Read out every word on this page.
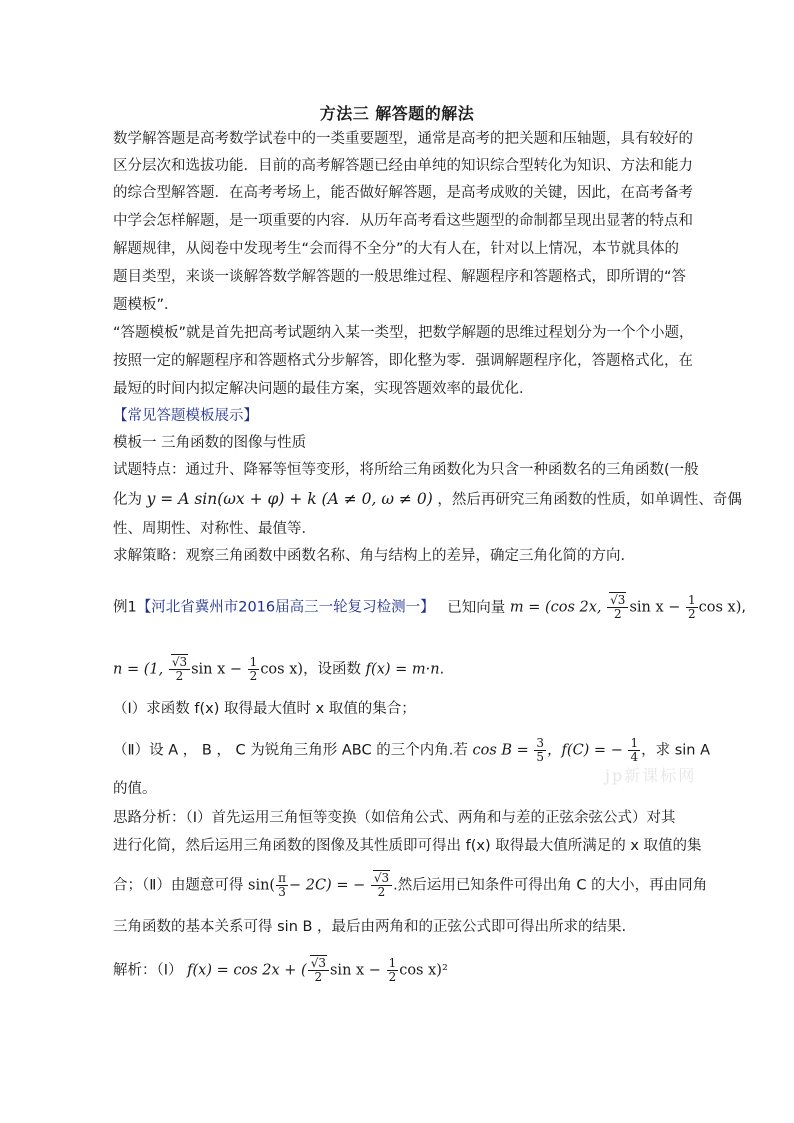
方法三 解答题的解法
数学解答题是高考数学试卷中的一类重要题型，通常是高考的把关题和压轴题，具有较好的
区分层次和选拔功能．目前的高考解答题已经由单纯的知识综合型转化为知识、方法和能力
的综合型解答题．在高考考场上，能否做好解答题，是高考成败的关键，因此，在高考备考
中学会怎样解题，是一项重要的内容．从历年高考看这些题型的命制都呈现出显著的特点和
解题规律，从阅卷中发现考生“会而得不全分”的大有人在，针对以上情况，本节就具体的
题目类型，来谈一谈解答数学解答题的一般思维过程、解题程序和答题格式，即所谓的“答
题模板”．
“答题模板”就是首先把高考试题纳入某一类型，把数学解题的思维过程划分为一个个小题，
按照一定的解题程序和答题格式分步解答，即化整为零．强调解题程序化，答题格式化，在
最短的时间内拟定解决问题的最佳方案，实现答题效率的最优化．
【常见答题模板展示】
模板一 三角函数的图像与性质
试题特点：通过升、降幂等恒等变形，将所给三角函数化为只含一种函数名的三角函数(一般
化为 y = A sin(ωx + φ) + k (A ≠ 0, ω ≠ 0) ，然后再研究三角函数的性质，如单调性、奇偶
性、周期性、对称性、最值等．
求解策略：观察三角函数中函数名称、角与结构上的差异，确定三角化简的方向．
例1【河北省冀州市2016届高三一轮复习检测一】 已知向量 m = (cos 2x, $\frac{√3}{2}$ $\sin x - \frac{1}{2}$ cos x),
n = (1, $\frac{√3}{2}$ $\sin x - \frac{1}{2}$ cos x)，设函数 f(x) = m·n.
（Ⅰ）求函数 f(x) 取得最大值时 x 取值的集合；
（Ⅱ）设 A ， B ， C 为锐角三角形 ABC 的三个内角.若 $\cos B = \frac{3}{5}$ ，f(C) = − $\frac{1}{4}$ ，求 sin A
jp新课标网
的值。
思路分析：（Ⅰ）首先运用三角恒等变换（如倍角公式、两角和与差的正弦余弦公式）对其
进行化简，然后运用三角函数的图像及其性质即可得出 f(x) 取得最大值所满足的 x 取值的集
合；（Ⅱ）由题意可得 $\sin( \frac{\pi}{3} - 2C)$ = − $\frac{√3}{2}$ .然后运用已知条件可得出角 C 的大小，再由同角
三角函数的基本关系可得 sin B ，最后由两角和的正弦公式即可得出所求的结果.
解析：（Ⅰ） f(x) = cos 2x + ( $\frac{√3}{2}$ $\sin x - \frac{1}{2}$ cos x)²
